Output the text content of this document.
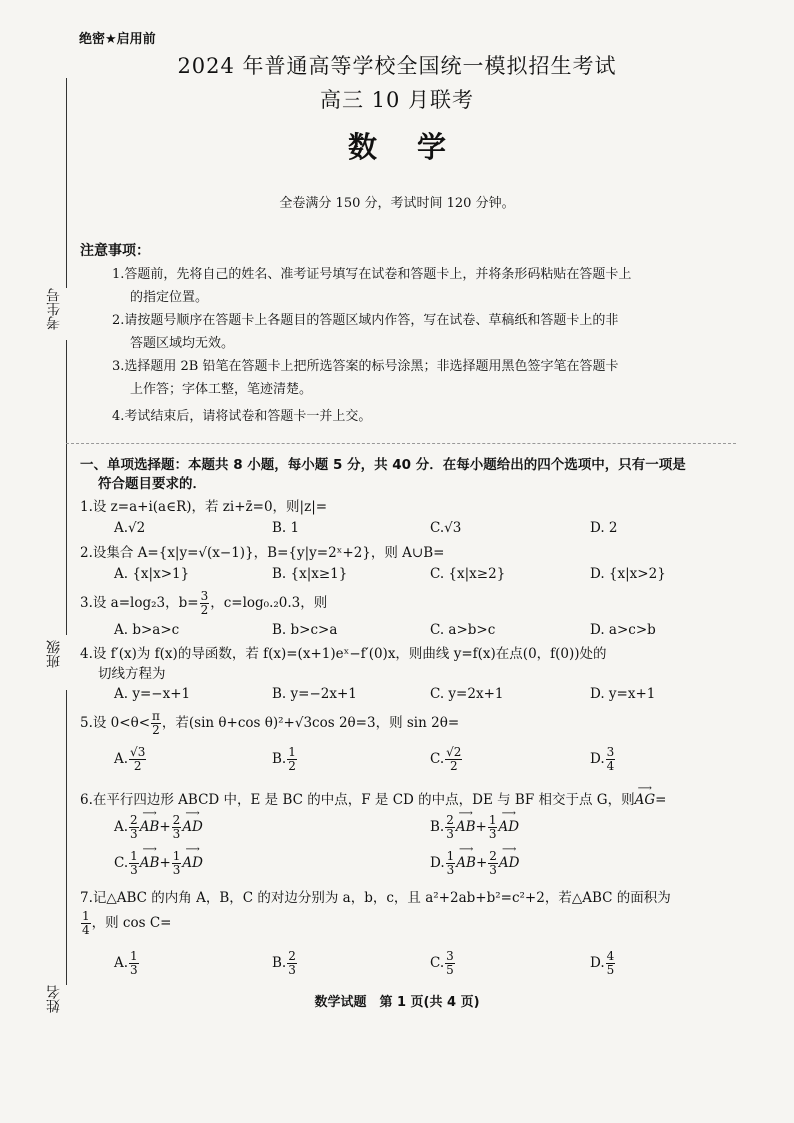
绝密★启用前
2024 年普通高等学校全国统一模拟招生考试
高三 10 月联考
数学
全卷满分 150 分，考试时间 120 分钟。
考生号
班级
姓名
注意事项：
1.答题前，先将自己的姓名、准考证号填写在试卷和答题卡上，并将条形码粘贴在答题卡上
的指定位置。
2.请按题号顺序在答题卡上各题目的答题区域内作答，写在试卷、草稿纸和答题卡上的非
答题区域均无效。
3.选择题用 2B 铅笔在答题卡上把所选答案的标号涂黑；非选择题用黑色签字笔在答题卡
上作答；字体工整，笔迹清楚。
4.考试结束后，请将试卷和答题卡一并上交。
一、单项选择题：本题共 8 小题，每小题 5 分，共 40 分．在每小题给出的四个选项中，只有一项是
符合题目要求的．
1.设 z=a+i(a∈R)，若 zi+z̄=0，则|z|=
A.√2	B. 1	C.√3	D. 2
2.设集合 A={x|y=√(x−1)}，B={y|y=2ˣ+2}，则 A∪B=
A. {x|x>1}	B. {x|x≥1}	C. {x|x≥2}	D. {x|x>2}
3.设 a=log₂3，$b= \frac{3}{2}$ ，c=log₀.₂0.3，则
A. b>a>c	B. b>c>a	C. a>b>c	D. a>c>b
4.设 f′(x)为 f(x)的导函数，若 f(x)=(x+1)eˣ−f′(0)x，则曲线 y=f(x)在点(0，f(0))处的
切线方程为
A. y=−x+1	B. y=−2x+1	C. y=2x+1	D. y=x+1
5.设 $0<\theta< \frac{\pi}{2}$ ，若(sin θ+cos θ)²+√3cos 2θ=3，则 sin 2θ=
A. $\frac{√3}{2}$	B. $\frac{1}{2}$	C. $\frac{√2}{2}$	D. $\frac{3}{4}$
6.在平行四边形 ABCD 中，E 是 BC 的中点，F 是 CD 的中点，DE 与 BF 相交于点 G，则⟶ AG=
A. $\frac{2}{3}$ ⟶ $AB+ \frac{2}{3}$ ⟶ AD	B. $\frac{2}{3}$ ⟶ $AB+ \frac{1}{3}$ ⟶ AD
C. $\frac{1}{3}$ ⟶ $AB+ \frac{1}{3}$ ⟶ AD	D. $\frac{1}{3}$ ⟶ $AB+ \frac{2}{3}$ ⟶ AD
7.记△ABC 的内角 A，B，C 的对边分别为 a，b，c，且 a²+2ab+b²=c²+2，若△ABC 的面积为
$\frac{1}{4}$ ，则 cos C=
A. $\frac{1}{3}$	B. $\frac{2}{3}$	C. $\frac{3}{5}$	D. $\frac{4}{5}$
数学试题　第 1 页(共 4 页)
